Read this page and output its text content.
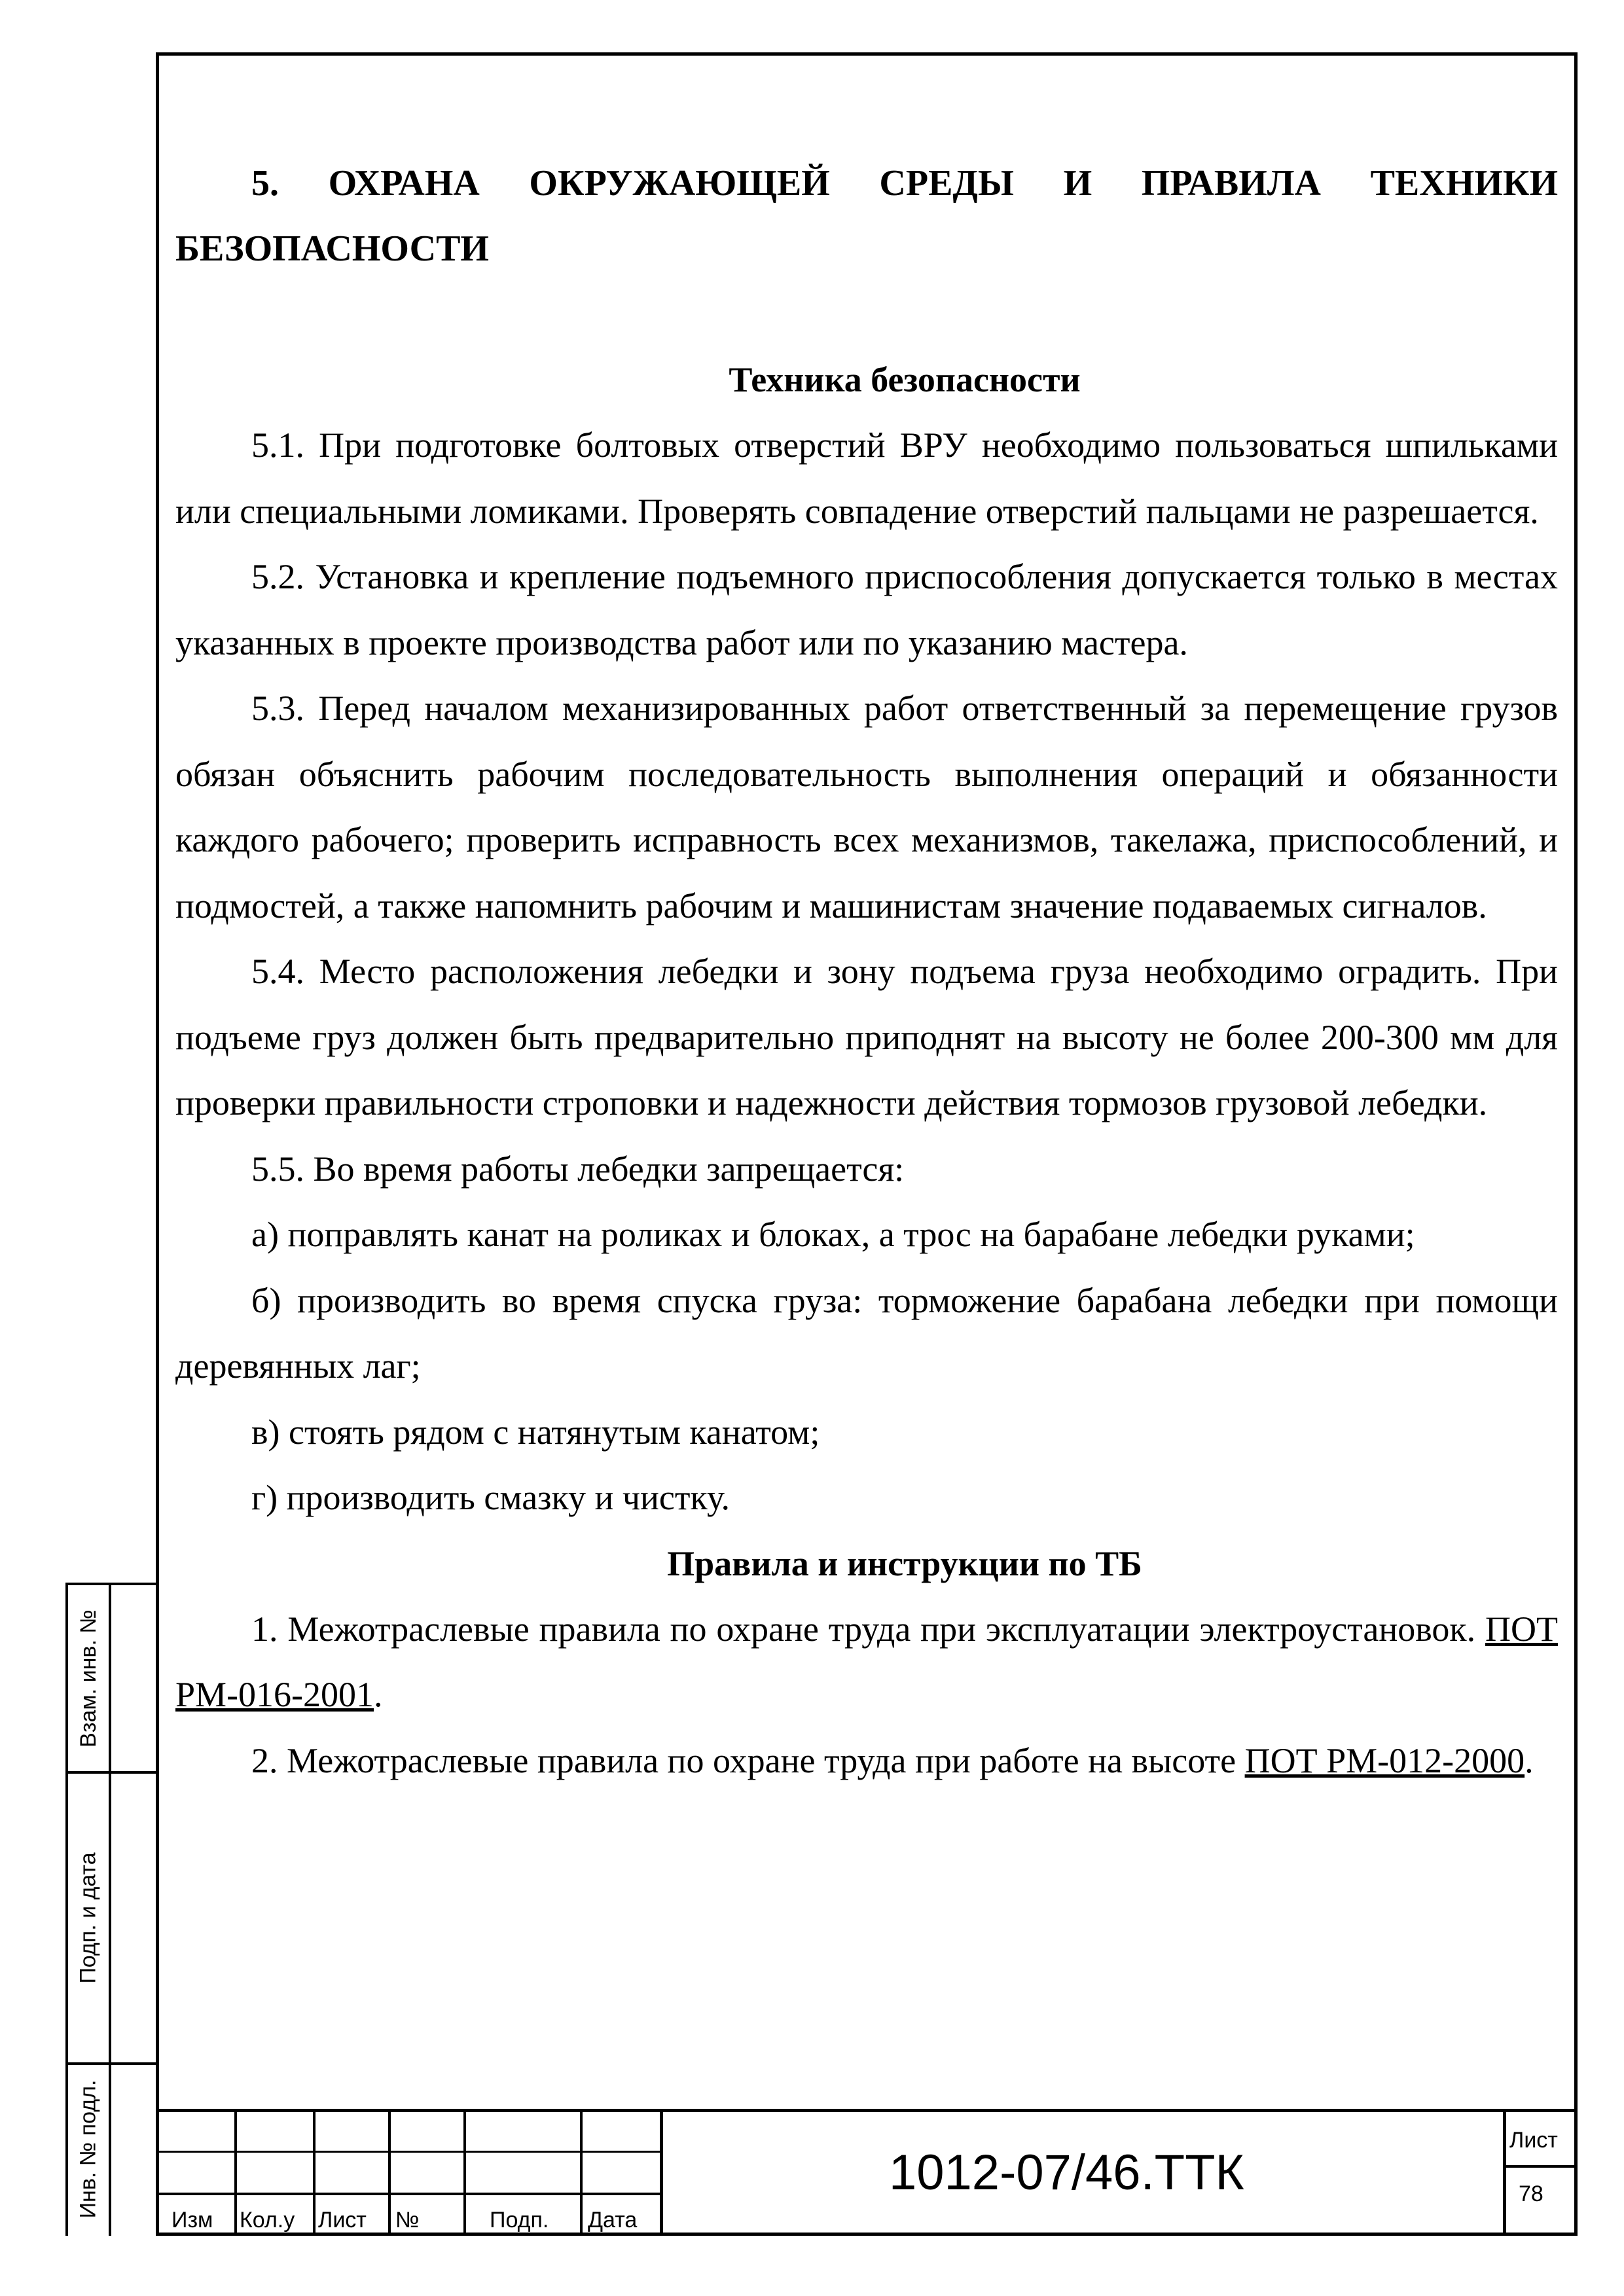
5. ОХРАНА ОКРУЖАЮЩЕЙ СРЕДЫ И ПРАВИЛА ТЕХНИКИ

БЕЗОПАСНОСТИ

Техника безопасности

5.1. При подготовке болтовых отверстий ВРУ необходимо пользоваться шпильками или специальными ломиками. Проверять совпадение отверстий пальцами не разрешается.

5.2. Установка и крепление подъемного приспособления допускается только в местах указанных в проекте производства работ или по указанию мастера.

5.3. Перед началом механизированных работ ответственный за перемещение грузов обязан объяснить рабочим последовательность выполнения операций и обязанности каждого рабочего; проверить исправность всех механизмов, такелажа, приспособлений, и подмостей, а также напомнить рабочим и машинистам значение подаваемых сигналов.

5.4. Место расположения лебедки и зону подъема груза необходимо оградить. При подъеме груз должен быть предварительно приподнят на высоту не более 200-300 мм для проверки правильности строповки и надежности действия тормозов грузовой лебедки.

5.5. Во время работы лебедки запрещается:

а) поправлять канат на роликах и блоках, а трос на барабане лебедки руками;

б) производить во время спуска груза: торможение барабана лебедки при помощи деревянных лаг;

в) стоять рядом с натянутым канатом;

г) производить смазку и чистку.

Правила и инструкции по ТБ

1. Межотраслевые правила по охране труда при эксплуатации электроустановок. ПОТ РМ-016-2001.

2. Межотраслевые правила по охране труда при работе на высоте ПОТ РМ-012-2000.

Взам. инв. №
Подп. и дата
Инв. № подл.
Изм Кол.у Лист №	Подп. Дата
1012-07/46.ТТК
Лист
78
